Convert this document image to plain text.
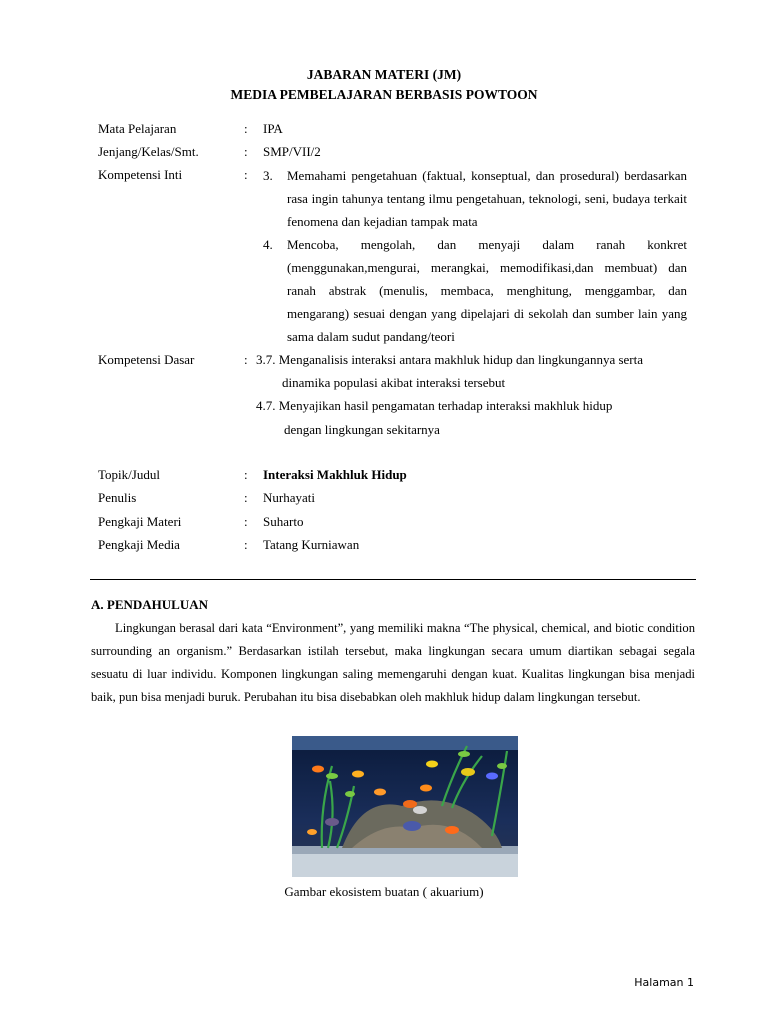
JABARAN MATERI (JM)
MEDIA PEMBELAJARAN BERBASIS POWTOON
Mata Pelajaran	: IPA
Jenjang/Kelas/Smt.	: SMP/VII/2
Kompetensi Inti	: 3. Memahami pengetahuan (faktual, konseptual, dan prosedural) berdasarkan rasa ingin tahunya tentang ilmu pengetahuan, teknologi, seni, budaya terkait fenomena dan kejadian tampak mata
4. Mencoba, mengolah, dan menyaji dalam ranah konkret (menggunakan,mengurai, merangkai, memodifikasi,dan membuat) dan ranah abstrak (menulis, membaca, menghitung, menggambar, dan mengarang) sesuai dengan yang dipelajari di sekolah dan sumber lain yang sama dalam sudut pandang/teori
Kompetensi Dasar	: 3.7. Menganalisis interaksi antara makhluk hidup dan lingkungannya serta
dinamika populasi akibat interaksi tersebut
4.7. Menyajikan hasil pengamatan terhadap interaksi makhluk hidup
dengan lingkungan sekitarnya
Topik/Judul	: Interaksi Makhluk Hidup
Penulis	: Nurhayati
Pengkaji Materi	: Suharto
Pengkaji Media	: Tatang Kurniawan
A. PENDAHULUAN
Lingkungan berasal dari kata “Environment”, yang memiliki makna “The physical, chemical, and biotic condition surrounding an organism.” Berdasarkan istilah tersebut, maka lingkungan secara umum diartikan sebagai segala sesuatu di luar individu. Komponen lingkungan saling memengaruhi dengan kuat. Kualitas lingkungan bisa menjadi baik, pun bisa menjadi buruk. Perubahan itu bisa disebabkan oleh makhluk hidup dalam lingkungan tersebut.
Gambar ekosistem buatan ( akuarium)
Halaman 1
